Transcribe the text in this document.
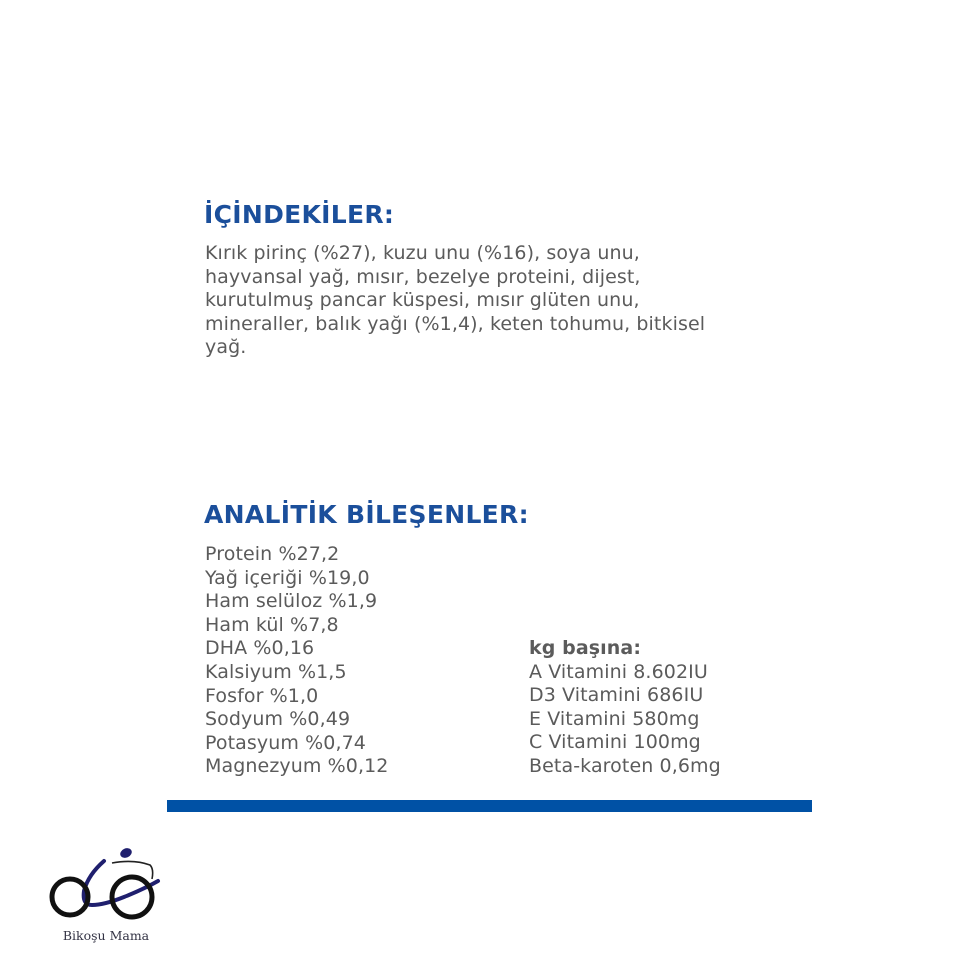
İÇİNDEKİLER:
Kırık pirinç (%27), kuzu unu (%16), soya unu,
hayvansal yağ, mısır, bezelye proteini, dijest,
kurutulmuş pancar küspesi, mısır glüten unu,
mineraller, balık yağı (%1,4), keten tohumu, bitkisel
yağ.
ANALİTİK BİLEŞENLER:
Protein %27,2
Yağ içeriği %19,0
Ham selüloz %1,9
Ham kül %7,8
DHA %0,16
Kalsiyum %1,5
Fosfor %1,0
Sodyum %0,49
Potasyum %0,74
Magnezyum %0,12
kg başına:
A Vitamini 8.602IU
D3 Vitamini 686IU
E Vitamini 580mg
C Vitamini 100mg
Beta-karoten 0,6mg
Bikoşu Mama
